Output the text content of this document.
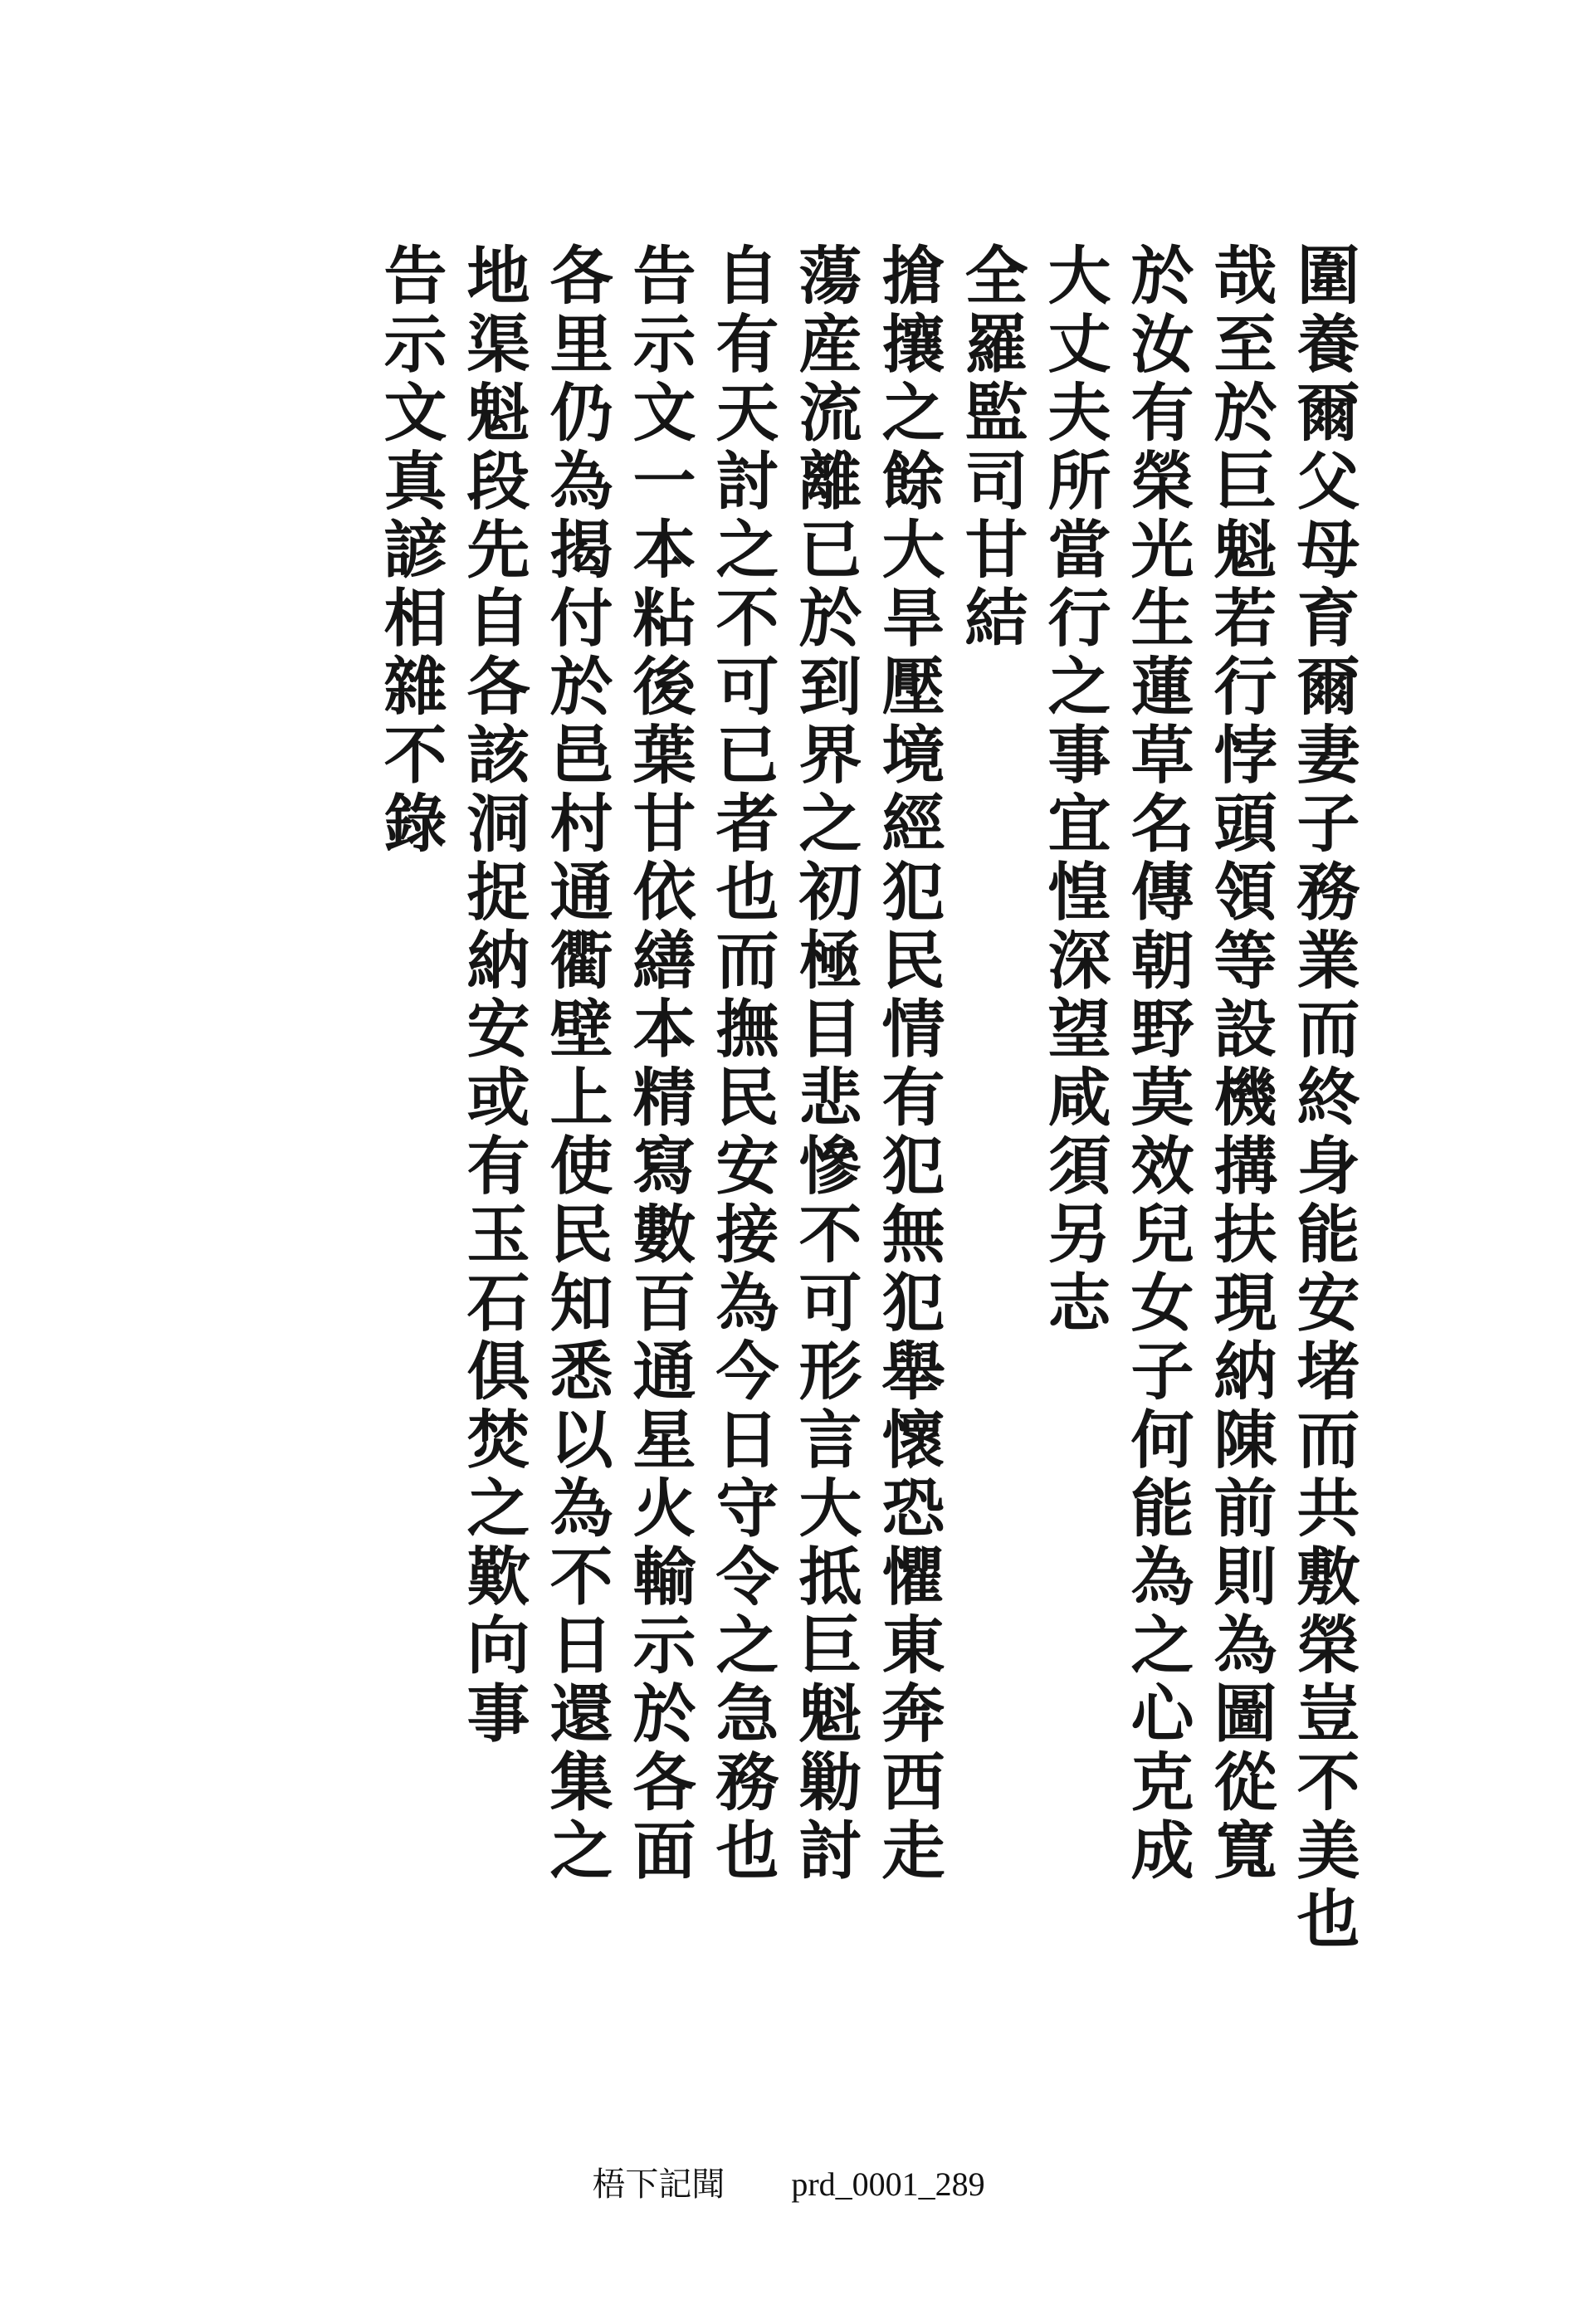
圍養爾父母育爾妻子務業而終身能安堵而共敷榮豈不美也
哉至於巨魁若行悖頭領等設機搆扶現納陳前則為圖從寬
於汝有榮光生蓮草名傳朝野莫效兒女子何能為之心克成
大丈夫所當行之事宜惶深望咸須另志
全羅監司甘結
搶攘之餘大旱壓境經犯民情有犯無犯舉懷恐懼東奔西走
蕩産流離已於到界之初極目悲慘不可形言大抵巨魁勦討
自有天討之不可已者也而撫民安接為今日守令之急務也
告示文一本粘後葉甘依繕本精寫數百通星火輸示於各面
各里仍為揭付於邑村通衢壁上使民知悉以為不日還集之
地渠魁段先自各該洞捉納安或有玉石俱焚之歎向事
告示文真諺相雜不錄
梧下記聞 prd_0001_289
